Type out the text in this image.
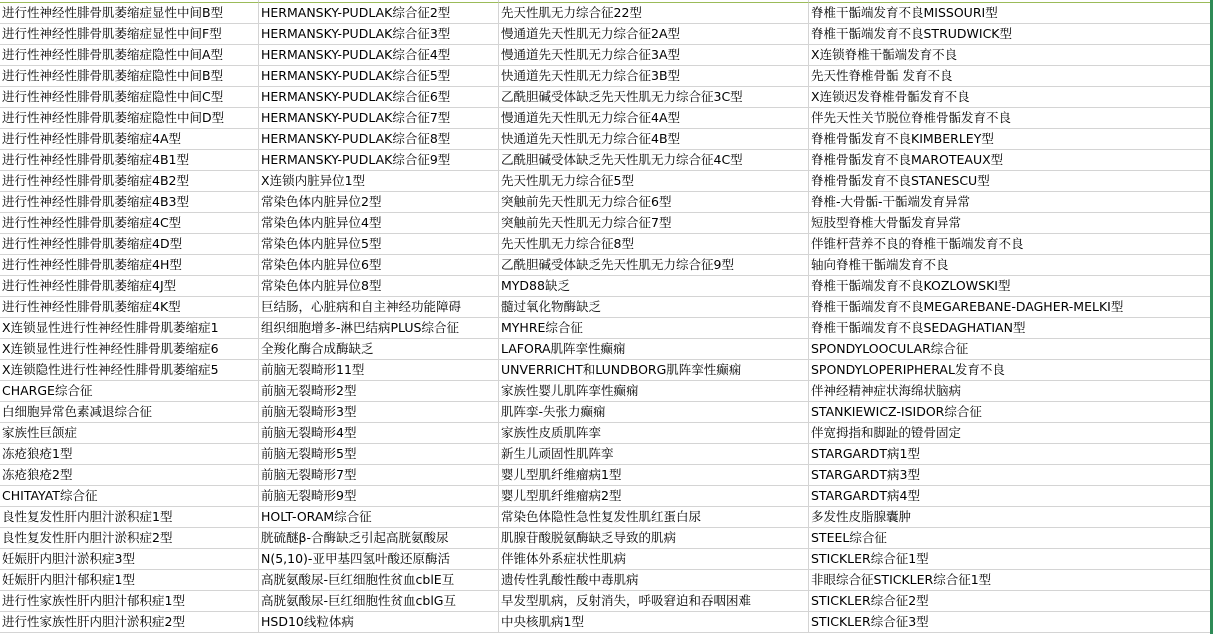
进行性神经性腓骨肌萎缩症显性中间B型	HERMANSKY-PUDLAK综合征2型	先天性肌无力综合征22型	脊椎干骺端发育不良MISSOURI型
进行性神经性腓骨肌萎缩症显性中间F型	HERMANSKY-PUDLAK综合征3型	慢通道先天性肌无力综合征2A型	脊椎干骺端发育不良STRUDWICK型
进行性神经性腓骨肌萎缩症隐性中间A型	HERMANSKY-PUDLAK综合征4型	慢通道先天性肌无力综合征3A型	X连锁脊椎干骺端发育不良
进行性神经性腓骨肌萎缩症隐性中间B型	HERMANSKY-PUDLAK综合征5型	快通道先天性肌无力综合征3B型	先天性脊椎骨骺 发育不良
进行性神经性腓骨肌萎缩症隐性中间C型	HERMANSKY-PUDLAK综合征6型	乙酰胆碱受体缺乏先天性肌无力综合征3C型	X连锁迟发脊椎骨骺发育不良
进行性神经性腓骨肌萎缩症隐性中间D型	HERMANSKY-PUDLAK综合征7型	慢通道先天性肌无力综合征4A型	伴先天性关节脱位脊椎骨骺发育不良
进行性神经性腓骨肌萎缩症4A型	HERMANSKY-PUDLAK综合征8型	快通道先天性肌无力综合征4B型	脊椎骨骺发育不良KIMBERLEY型
进行性神经性腓骨肌萎缩症4B1型	HERMANSKY-PUDLAK综合征9型	乙酰胆碱受体缺乏先天性肌无力综合征4C型	脊椎骨骺发育不良MAROTEAUX型
进行性神经性腓骨肌萎缩症4B2型	X连锁内脏异位1型	先天性肌无力综合征5型	脊椎骨骺发育不良STANESCU型
进行性神经性腓骨肌萎缩症4B3型	常染色体内脏异位2型	突触前先天性肌无力综合征6型	脊椎-大骨骺-干骺端发育异常
进行性神经性腓骨肌萎缩症4C型	常染色体内脏异位4型	突触前先天性肌无力综合征7型	短肢型脊椎大骨骺发育异常
进行性神经性腓骨肌萎缩症4D型	常染色体内脏异位5型	先天性肌无力综合征8型	伴锥杆营养不良的脊椎干骺端发育不良
进行性神经性腓骨肌萎缩症4H型	常染色体内脏异位6型	乙酰胆碱受体缺乏先天性肌无力综合征9型	轴向脊椎干骺端发育不良
进行性神经性腓骨肌萎缩症4J型	常染色体内脏异位8型	MYD88缺乏	脊椎干骺端发育不良KOZLOWSKI型
进行性神经性腓骨肌萎缩症4K型	巨结肠，心脏病和自主神经功能障碍	髓过氧化物酶缺乏	脊椎干骺端发育不良MEGAREBANE-DAGHER-MELKI型
X连锁显性进行性神经性腓骨肌萎缩症1	组织细胞增多-淋巴结病PLUS综合征	MYHRE综合征	脊椎干骺端发育不良SEDAGHATIAN型
X连锁显性进行性神经性腓骨肌萎缩症6	全羧化酶合成酶缺乏	LAFORA肌阵挛性癫痫	SPONDYLOOCULAR综合征
X连锁隐性进行性神经性腓骨肌萎缩症5	前脑无裂畸形11型	UNVERRICHT和LUNDBORG肌阵挛性癫痫	SPONDYLOPERIPHERAL发育不良
CHARGE综合征	前脑无裂畸形2型	家族性婴儿肌阵挛性癫痫	伴神经精神症状海绵状脑病
白细胞异常色素减退综合征	前脑无裂畸形3型	肌阵挛-失张力癫痫	STANKIEWICZ-ISIDOR综合征
家族性巨颌症	前脑无裂畸形4型	家族性皮质肌阵挛	伴宽拇指和脚趾的镫骨固定
冻疮狼疮1型	前脑无裂畸形5型	新生儿顽固性肌阵挛	STARGARDT病1型
冻疮狼疮2型	前脑无裂畸形7型	婴儿型肌纤维瘤病1型	STARGARDT病3型
CHITAYAT综合征	前脑无裂畸形9型	婴儿型肌纤维瘤病2型	STARGARDT病4型
良性复发性肝内胆汁淤积症1型	HOLT-ORAM综合征	常染色体隐性急性复发性肌红蛋白尿	多发性皮脂腺囊肿
良性复发性肝内胆汁淤积症2型	胱硫醚β-合酶缺乏引起高胱氨酸尿	肌腺苷酸脱氨酶缺乏导致的肌病	STEEL综合征
妊娠肝内胆汁淤积症3型	N(5,10)-亚甲基四氢叶酸还原酶活	伴锥体外系症状性肌病	STICKLER综合征1型
妊娠肝内胆汁郁积症1型	高胱氨酸尿-巨红细胞性贫血cblE互	遗传性乳酸性酸中毒肌病	非眼综合征STICKLER综合征1型
进行性家族性肝内胆汁郁积症1型	高胱氨酸尿-巨红细胞性贫血cblG互	早发型肌病，反射消失，呼吸窘迫和吞咽困难	STICKLER综合征2型
进行性家族性肝内胆汁淤积症2型	HSD10线粒体病	中央核肌病1型	STICKLER综合征3型
